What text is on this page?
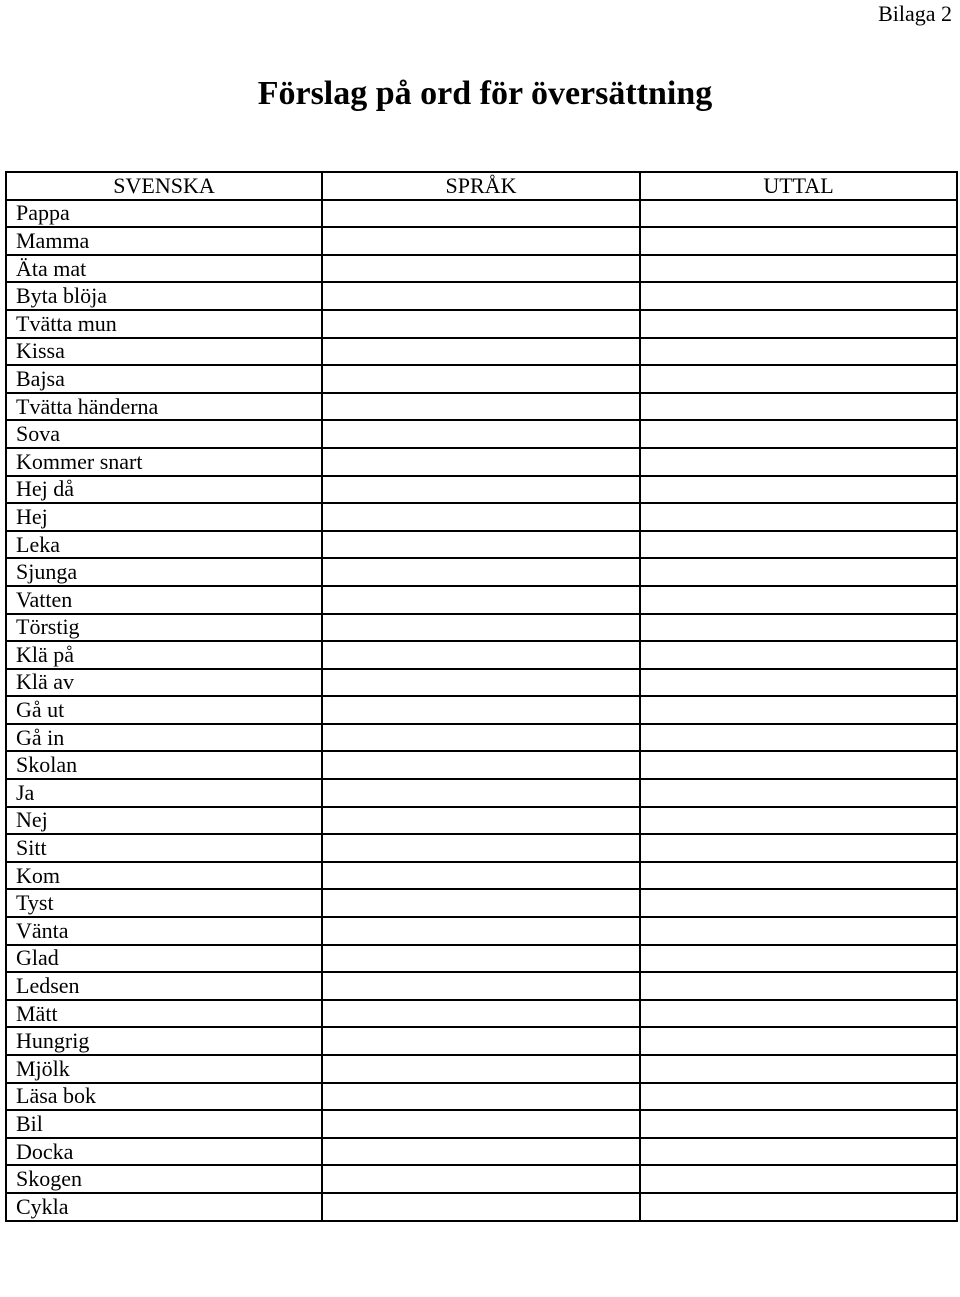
Bilaga 2
Förslag på ord för översättning
SVENSKA	SPRÅK	UTTAL
Pappa		
Mamma		
Äta mat		
Byta blöja		
Tvätta mun		
Kissa		
Bajsa		
Tvätta händerna		
Sova		
Kommer snart		
Hej då		
Hej		
Leka		
Sjunga		
Vatten		
Törstig		
Klä på		
Klä av		
Gå ut		
Gå in		
Skolan		
Ja		
Nej		
Sitt		
Kom		
Tyst		
Vänta		
Glad		
Ledsen		
Mätt		
Hungrig		
Mjölk		
Läsa bok		
Bil		
Docka		
Skogen		
Cykla		
